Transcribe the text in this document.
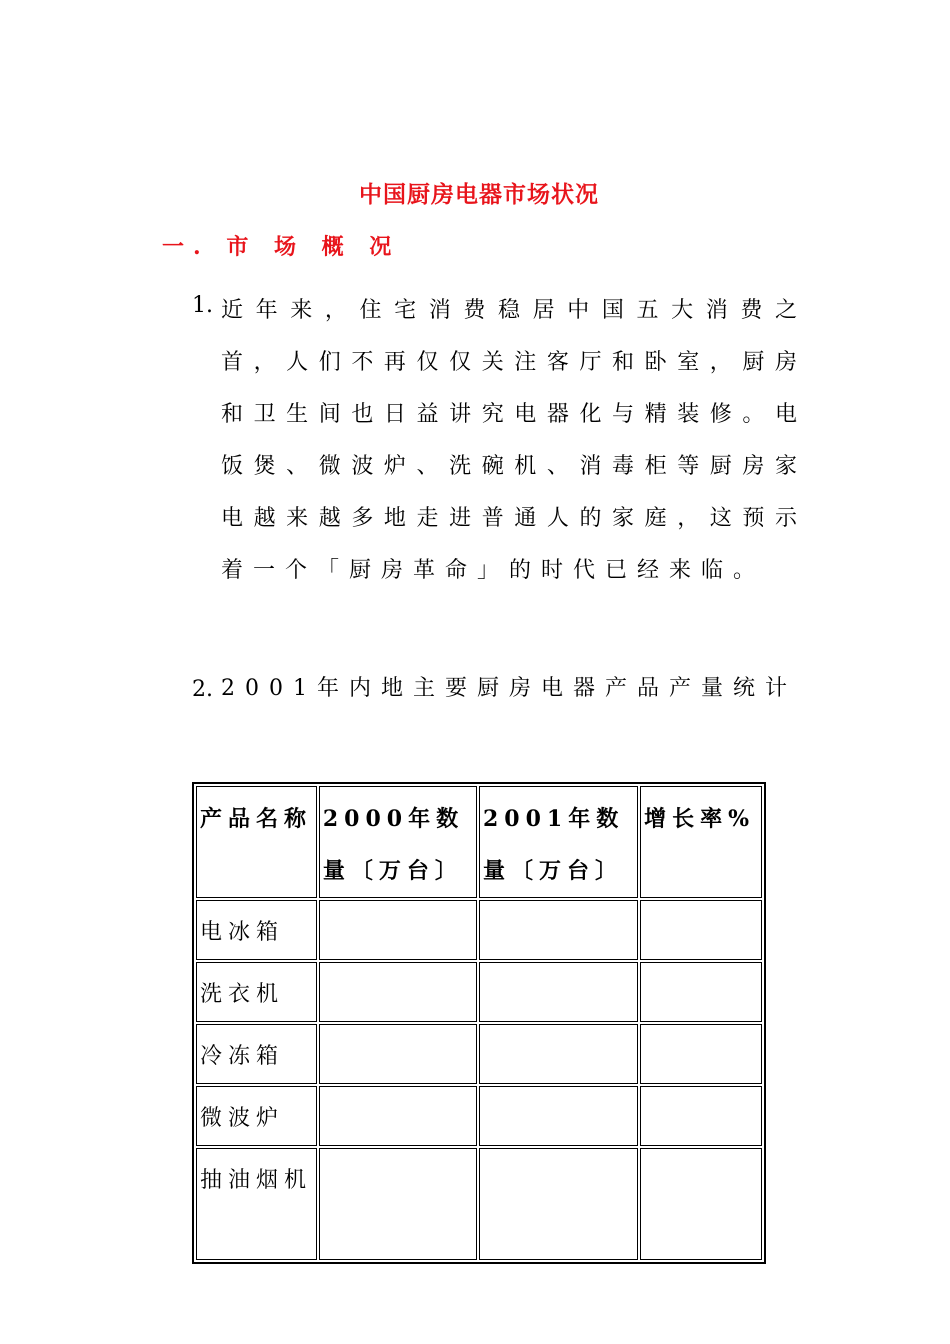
中国厨房电器市场状况
一. 市 场 概 况
1. 近年来，住宅消费稳居中国五大消费之首，人们不再仅仅关注客厅和卧室，厨房和卫生间也日益讲究电器化与精装修。电饭煲、微波炉、洗碗机、消毒柜等厨房家电越来越多地走进普通人的家庭，这预示着一个「厨房革命」的时代已经来临。
2. 2001年内地主要厨房电器产品产量统计
产品名称	2000年数量〔万台〕	2001年数量〔万台〕	增长率%
电冰箱			
洗衣机			
冷冻箱			
微波炉			
抽油烟机			
